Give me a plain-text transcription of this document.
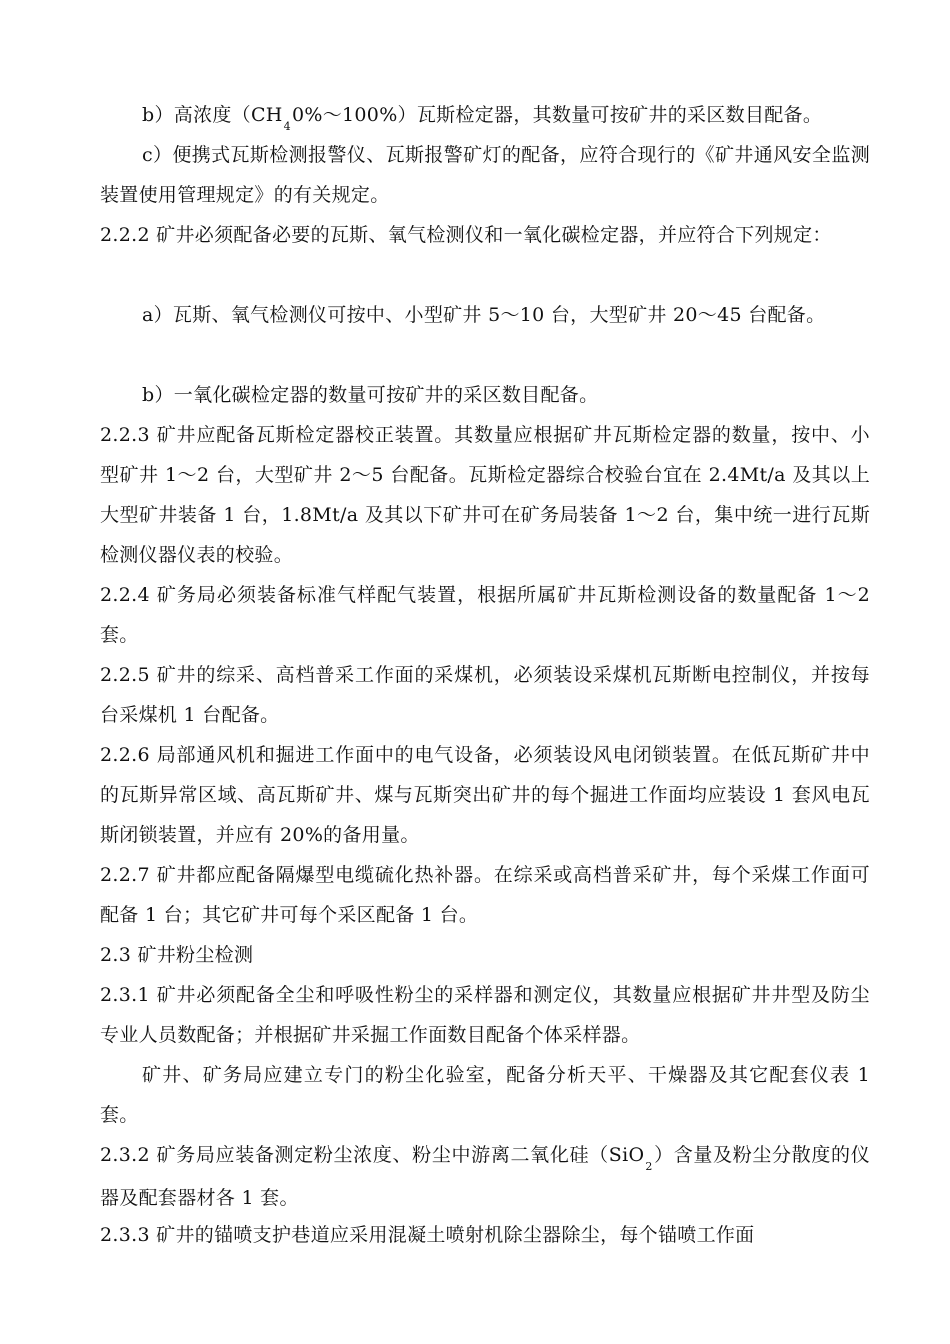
b）高浓度$(CH_40\%\sim 100\%)$瓦斯检定器，其数量可按矿井的采区数目配备。
c）便携式瓦斯检测报警仪、瓦斯报警矿灯的配备，应符合现行的《矿井通风安全监测装置使用管理规定》的有关规定。
2.2.2 矿井必须配备必要的瓦斯、氧气检测仪和一氧化碳检定器，并应符合下列规定：
a）瓦斯、氧气检测仪可按中、小型矿井 5～10 台，大型矿井 20～45 台配备。
b）一氧化碳检定器的数量可按矿井的采区数目配备。
2.2.3 矿井应配备瓦斯检定器校正装置。其数量应根据矿井瓦斯检定器的数量，按中、小型矿井 1～2 台，大型矿井 2～5 台配备。瓦斯检定器综合校验台宜在 2.4Mt/a 及其以上大型矿井装备 1 台，1.8Mt/a 及其以下矿井可在矿务局装备 1～2 台，集中统一进行瓦斯检测仪器仪表的校验。
2.2.4 矿务局必须装备标准气样配气装置，根据所属矿井瓦斯检测设备的数量配备 1～2 套。
2.2.5 矿井的综采、高档普采工作面的采煤机，必须装设采煤机瓦斯断电控制仪，并按每台采煤机 1 台配备。
2.2.6 局部通风机和掘进工作面中的电气设备，必须装设风电闭锁装置。在低瓦斯矿井中的瓦斯异常区域、高瓦斯矿井、煤与瓦斯突出矿井的每个掘进工作面均应装设 1 套风电瓦斯闭锁装置，并应有 20%的备用量。
2.2.7 矿井都应配备隔爆型电缆硫化热补器。在综采或高档普采矿井，每个采煤工作面可配备 1 台；其它矿井可每个采区配备 1 台。
2.3 矿井粉尘检测
2.3.1 矿井必须配备全尘和呼吸性粉尘的采样器和测定仪，其数量应根据矿井井型及防尘专业人员数配备；并根据矿井采掘工作面数目配备个体采样器。
矿井、矿务局应建立专门的粉尘化验室，配备分析天平、干燥器及其它配套仪表 1 套。
2.3.2 矿务局应装备测定粉尘浓度、粉尘中游离二氧化硅（SiO$_2$）含量及粉尘分散度的仪器及配套器材各 1 套。
2.3.3 矿井的锚喷支护巷道应采用混凝土喷射机除尘器除尘，每个锚喷工作面
